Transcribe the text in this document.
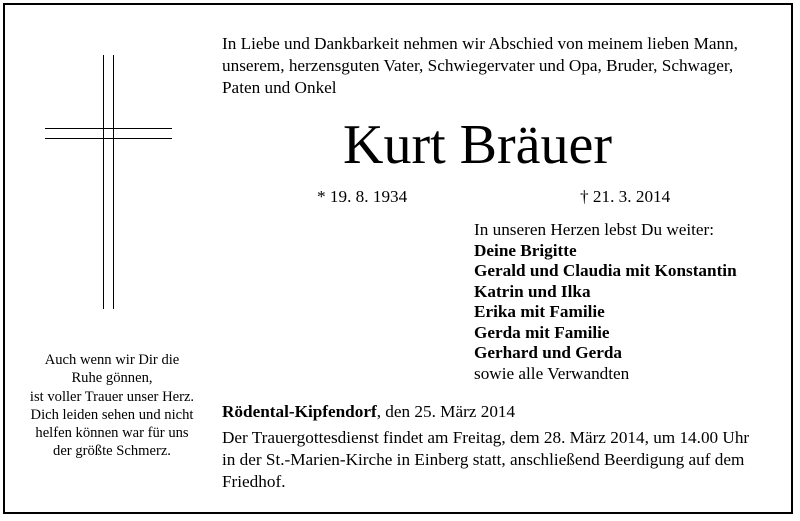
In Liebe und Dankbarkeit nehmen wir Abschied von meinem lieben Mann,
unserem, herzensguten Vater, Schwiegervater und Opa, Bruder, Schwager,
Paten und Onkel
Kurt Bräuer
* 19. 8. 1934	† 21. 3. 2014
In unseren Herzen lebst Du weiter:
Deine Brigitte
Gerald und Claudia mit Konstantin
Katrin und Ilka
Erika mit Familie
Gerda mit Familie
Gerhard und Gerda
sowie alle Verwandten
Auch wenn wir Dir die
Ruhe gönnen,
ist voller Trauer unser Herz.
Dich leiden sehen und nicht
helfen können war für uns
der größte Schmerz.
Rödental-Kipfendorf, den 25. März 2014
Der Trauergottesdienst findet am Freitag, dem 28. März 2014, um 14.00 Uhr
in der St.-Marien-Kirche in Einberg statt, anschließend Beerdigung auf dem
Friedhof.
